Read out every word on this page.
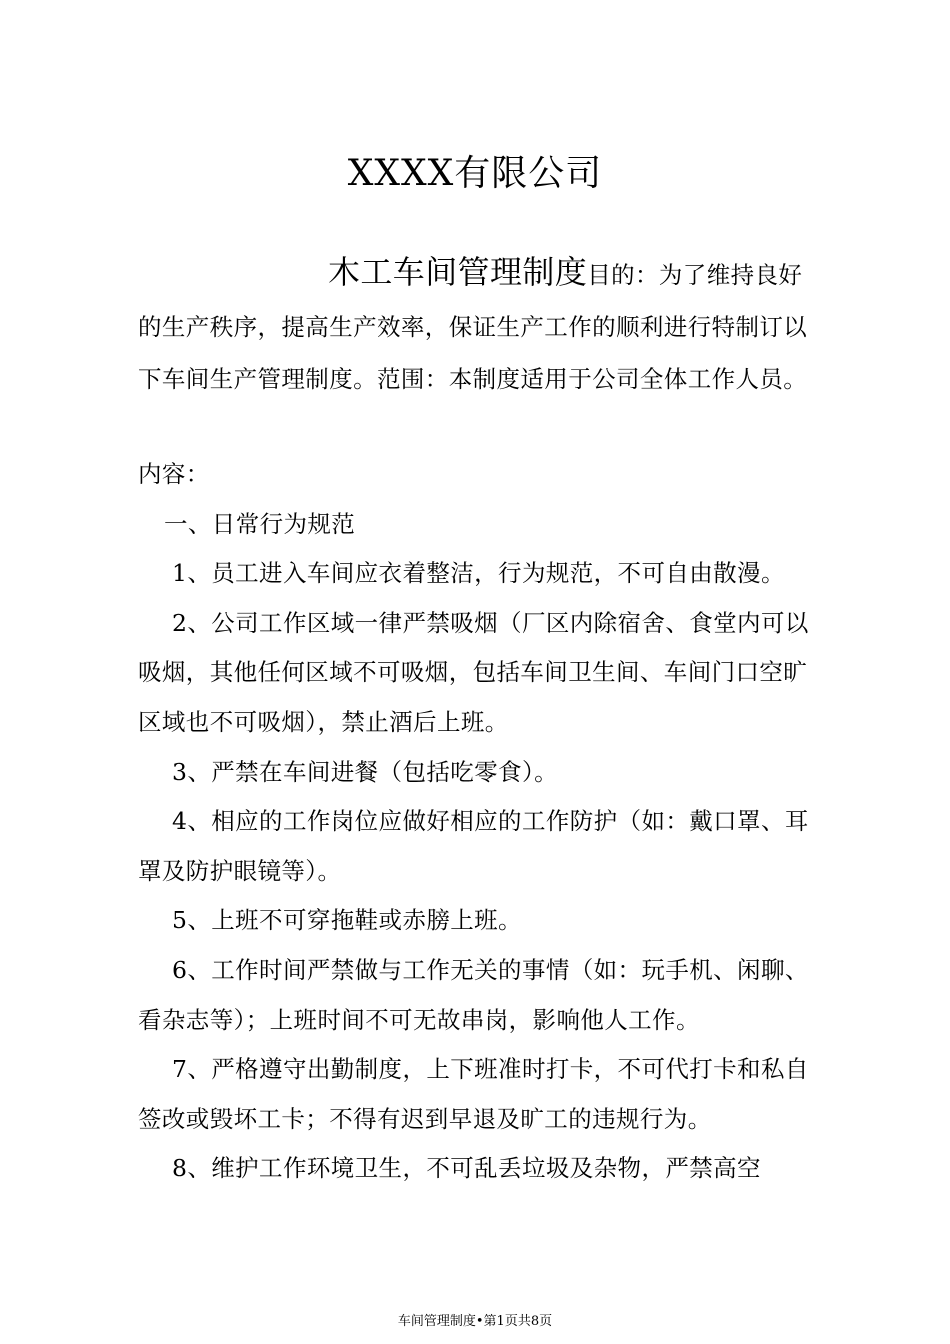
XXXX有限公司
木工车间管理制度目的：为了维持良好的生产秩序，提高生产效率，保证生产工作的顺利进行特制订以下车间生产管理制度。范围：本制度适用于公司全体工作人员。

内容：

一、日常行为规范

1、员工进入车间应衣着整洁，行为规范，不可自由散漫。

2、公司工作区域一律严禁吸烟（厂区内除宿舍、食堂内可以吸烟，其他任何区域不可吸烟，包括车间卫生间、车间门口空旷区域也不可吸烟），禁止酒后上班。

3、严禁在车间进餐（包括吃零食）。

4、相应的工作岗位应做好相应的工作防护（如：戴口罩、耳罩及防护眼镜等）。

5、上班不可穿拖鞋或赤膀上班。

6、工作时间严禁做与工作无关的事情（如：玩手机、闲聊、看杂志等）；上班时间不可无故串岗，影响他人工作。

7、严格遵守出勤制度，上下班准时打卡，不可代打卡和私自签改或毁坏工卡；不得有迟到早退及旷工的违规行为。

8、维护工作环境卫生，不可乱丢垃圾及杂物，严禁高空

车间管理制度•第1页共8页
